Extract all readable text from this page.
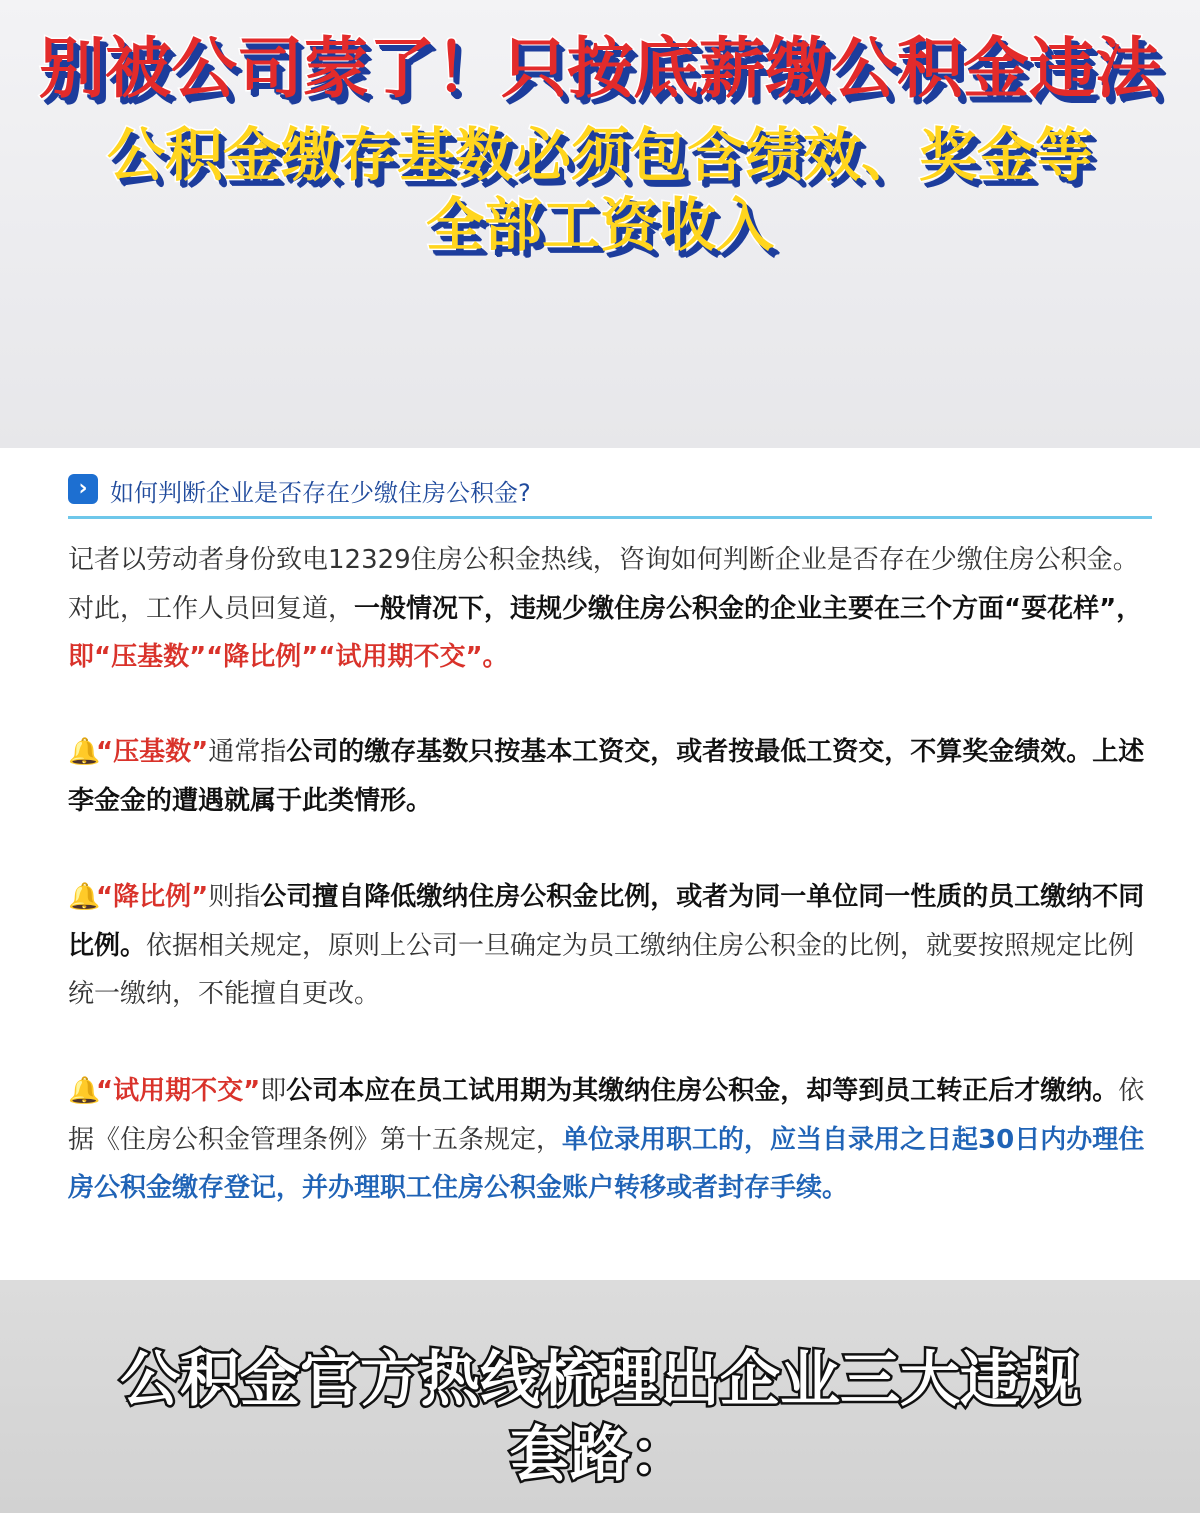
别被公司蒙了！只按底薪缴公积金违法
公积金缴存基数必须包含绩效、奖金等
全部工资收入
› 如何判断企业是否存在少缴住房公积金?
记者以劳动者身份致电12329住房公积金热线，咨询如何判断企业是否存在少缴住房公积金。对此，工作人员回复道，一般情况下，违规少缴住房公积金的企业主要在三个方面“耍花样”，即“压基数”“降比例”“试用期不交”。
🔔“压基数”通常指公司的缴存基数只按基本工资交，或者按最低工资交，不算奖金绩效。上述李金金的遭遇就属于此类情形。
🔔“降比例”则指公司擅自降低缴纳住房公积金比例，或者为同一单位同一性质的员工缴纳不同比例。依据相关规定，原则上公司一旦确定为员工缴纳住房公积金的比例，就要按照规定比例统一缴纳，不能擅自更改。
🔔“试用期不交”即公司本应在员工试用期为其缴纳住房公积金，却等到员工转正后才缴纳。依据《住房公积金管理条例》第十五条规定，单位录用职工的，应当自录用之日起30日内办理住房公积金缴存登记，并办理职工住房公积金账户转移或者封存手续。
公积金官方热线梳理出企业三大违规
套路：
